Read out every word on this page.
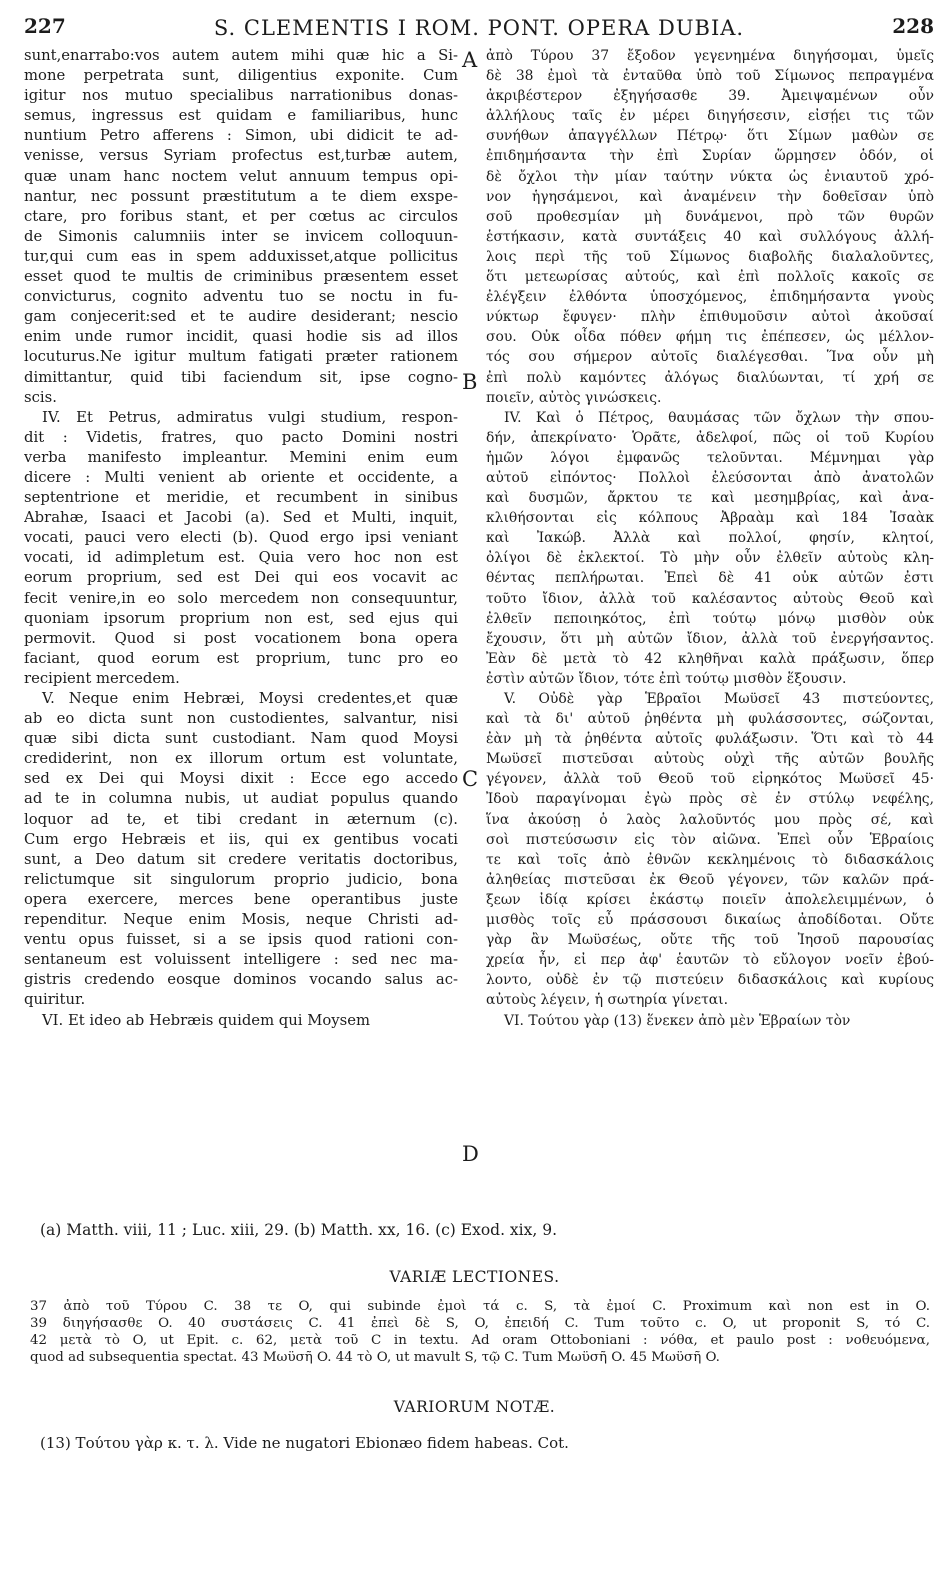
227	S. CLEMENTIS I ROM. PONT. OPERA DUBIA.	228
sunt,enarrabo:vos autem autem mihi quæ hic a Si-
mone perpetrata sunt, diligentius exponite. Cum
igitur nos mutuo specialibus narrationibus donas-
semus, ingressus est quidam e familiaribus, hunc
nuntium Petro afferens : Simon, ubi didicit te ad-
venisse, versus Syriam profectus est,turbæ autem,
quæ unam hanc noctem velut annuum tempus opi-
nantur, nec possunt præstitutum a te diem exspe-
ctare, pro foribus stant, et per cœtus ac circulos
de Simonis calumniis inter se invicem colloquun-
tur,qui cum eas in spem adduxisset,atque pollicitus
esset quod te multis de criminibus præsentem esset
convicturus, cognito adventu tuo se noctu in fu-
gam conjecerit:sed et te audire desiderant; nescio
enim unde rumor incidit, quasi hodie sis ad illos
locuturus.Ne igitur multum fatigati præter rationem
dimittantur, quid tibi faciendum sit, ipse cogno-
scis.
IV. Et Petrus, admiratus vulgi studium, respon-
dit : Videtis, fratres, quo pacto Domini nostri
verba manifesto impleantur. Memini enim eum
dicere : Multi venient ab oriente et occidente, a
septentrione et meridie, et recumbent in sinibus
Abrahæ, Isaaci et Jacobi (a). Sed et Multi, inquit,
vocati, pauci vero electi (b). Quod ergo ipsi veniant
vocati, id adimpletum est. Quia vero hoc non est
eorum proprium, sed est Dei qui eos vocavit ac
fecit venire,in eo solo mercedem non consequuntur,
quoniam ipsorum proprium non est, sed ejus qui
permovit. Quod si post vocationem bona opera
faciant, quod eorum est proprium, tunc pro eo
recipient mercedem.
V. Neque enim Hebræi, Moysi credentes,et quæ
ab eo dicta sunt non custodientes, salvantur, nisi
quæ sibi dicta sunt custodiant. Nam quod Moysi
crediderint, non ex illorum ortum est voluntate,
sed ex Dei qui Moysi dixit : Ecce ego accedo
ad te in columna nubis, ut audiat populus quando
loquor ad te, et tibi credant in æternum (c).
Cum ergo Hebræis et iis, qui ex gentibus vocati
sunt, a Deo datum sit credere veritatis doctoribus,
relictumque sit singulorum proprio judicio, bona
opera exercere, merces bene operantibus juste
rependitur. Neque enim Mosis, neque Christi ad-
ventu opus fuisset, si a se ipsis quod rationi con-
sentaneum est voluissent intelligere : sed nec ma-
gistris credendo eosque dominos vocando salus ac-
quiritur.
VI. Et ideo ab Hebræis quidem qui Moysem
A
B
C
D
ἀπὸ Τύρου 37 ἔξοδον γεγενημένα διηγήσομαι, ὑμεῖς
δὲ 38 ἐμοὶ τὰ ἐνταῦθα ὑπὸ τοῦ Σίμωνος πεπραγμένα
ἀκριβέστερον ἐξηγήσασθε 39. Ἀμειψαμένων οὖν
ἀλλήλους ταῖς ἐν μέρει διηγήσεσιν, εἰσῄει τις τῶν
συνήθων ἀπαγγέλλων Πέτρῳ· ὅτι Σίμων μαθὼν σε
ἐπιδημήσαντα τὴν ἐπὶ Συρίαν ὥρμησεν ὁδόν, οἱ
δὲ ὄχλοι τὴν μίαν ταύτην νύκτα ὡς ἐνιαυτοῦ χρό-
νον ἡγησάμενοι, καὶ ἀναμένειν τὴν δοθεῖσαν ὑπὸ
σοῦ προθεσμίαν μὴ δυνάμενοι, πρὸ τῶν θυρῶν
ἑστήκασιν, κατὰ συντάξεις 40 καὶ συλλόγους ἀλλή-
λοις περὶ τῆς τοῦ Σίμωνος διαβολῆς διαλαλοῦντες,
ὅτι μετεωρίσας αὐτούς, καὶ ἐπὶ πολλοῖς κακοῖς σε
ἐλέγξειν ἐλθόντα ὑποσχόμενος, ἐπιδημήσαντα γνοὺς
νύκτωρ ἔφυγεν· πλὴν ἐπιθυμοῦσιν αὐτοὶ ἀκοῦσαί
σου. Οὐκ οἶδα πόθεν φήμη τις ἐπέπεσεν, ὡς μέλλον-
τός σου σήμερον αὐτοῖς διαλέγεσθαι. Ἵνα οὖν μὴ
ἐπὶ πολὺ καμόντες ἀλόγως διαλύωνται, τί χρή σε
ποιεῖν, αὐτὸς γινώσκεις.
IV. Καὶ ὁ Πέτρος, θαυμάσας τῶν ὄχλων τὴν σπου-
δήν, ἀπεκρίνατο· Ὁρᾶτε, ἀδελφοί, πῶς οἱ τοῦ Κυρίου
ἡμῶν λόγοι ἐμφανῶς τελοῦνται. Μέμνημαι γὰρ
αὐτοῦ εἰπόντος· Πολλοὶ ἐλεύσονται ἀπὸ ἀνατολῶν
καὶ δυσμῶν, ἄρκτου τε καὶ μεσημβρίας, καὶ ἀνα-
κλιθήσονται εἰς κόλπους Ἀβραὰμ καὶ 184 Ἰσαὰκ
καὶ Ἰακώβ. Ἀλλὰ καὶ πολλοί, φησίν, κλητοί,
ὀλίγοι δὲ ἐκλεκτοί. Τὸ μὴν οὖν ἐλθεῖν αὐτοὺς κλη-
θέντας πεπλήρωται. Ἐπεὶ δὲ 41 οὐκ αὐτῶν ἐστι
τοῦτο ἴδιον, ἀλλὰ τοῦ καλέσαντος αὐτοὺς Θεοῦ καὶ
ἐλθεῖν πεποιηκότος, ἐπὶ τούτῳ μόνῳ μισθὸν οὐκ
ἔχουσιν, ὅτι μὴ αὐτῶν ἴδιον, ἀλλὰ τοῦ ἐνεργήσαντος.
Ἐὰν δὲ μετὰ τὸ 42 κληθῆναι καλὰ πράξωσιν, ὅπερ
ἐστὶν αὐτῶν ἴδιον, τότε ἐπὶ τούτῳ μισθὸν ἕξουσιν.
V. Οὐδὲ γὰρ Ἑβραῖοι Μωϋσεῖ 43 πιστεύοντες,
καὶ τὰ δι' αὐτοῦ ῥηθέντα μὴ φυλάσσοντες, σώζονται,
ἐὰν μὴ τὰ ῥηθέντα αὐτοῖς φυλάξωσιν. Ὅτι καὶ τὸ 44
Μωϋσεῖ πιστεῦσαι αὐτοὺς οὐχὶ τῆς αὐτῶν βουλῆς
γέγονεν, ἀλλὰ τοῦ Θεοῦ τοῦ εἰρηκότος Μωϋσεῖ 45·
Ἰδοὺ παραγίνομαι ἐγὼ πρὸς σὲ ἐν στύλῳ νεφέλης,
ἵνα ἀκούσῃ ὁ λαὸς λαλοῦντός μου πρὸς σέ, καὶ
σοὶ πιστεύσωσιν εἰς τὸν αἰῶνα. Ἐπεὶ οὖν Ἑβραίοις
τε καὶ τοῖς ἀπὸ ἐθνῶν κεκλημένοις τὸ διδασκάλοις
ἀληθείας πιστεῦσαι ἐκ Θεοῦ γέγονεν, τῶν καλῶν πρά-
ξεων ἰδίᾳ κρίσει ἑκάστῳ ποιεῖν ἀπολελειμμένων, ὁ
μισθὸς τοῖς εὖ πράσσουσι δικαίως ἀποδίδοται. Οὔτε
γὰρ ἂν Μωϋσέως, οὔτε τῆς τοῦ Ἰησοῦ παρουσίας
χρεία ἦν, εἰ περ ἀφ' ἑαυτῶν τὸ εὔλογον νοεῖν ἐβού-
λοντο, οὐδὲ ἐν τῷ πιστεύειν διδασκάλοις καὶ κυρίους
αὐτοὺς λέγειν, ἡ σωτηρία γίνεται.
VI. Τούτου γὰρ (13) ἕνεκεν ἀπὸ μὲν Ἑβραίων τὸν
(a) Matth. viii, 11 ; Luc. xiii, 29. (b) Matth. xx, 16. (c) Exod. xix, 9.
VARIÆ LECTIONES.
37 ἀπὸ τοῦ Τύρου C. 38 τε O, qui subinde ἐμοὶ τά c. S, τὰ ἐμοί C. Proximum καὶ non est in O.
39 διηγήσασθε O. 40 συστάσεις C. 41 ἐπεὶ δὲ S, O, ἐπειδή C. Tum τοῦτο c. O, ut proponit S, τό C.
42 μετὰ τὸ O, ut Epit. c. 62, μετὰ τοῦ C in textu. Ad oram Ottoboniani : νόθα, et paulo post : νοθευόμενα,
quod ad subsequentia spectat. 43 Μωϋσῆ O. 44 τὸ O, ut mavult S, τῷ C. Tum Μωϋσῆ O. 45 Μωϋσῆ O.
VARIORUM NOTÆ.
(13) Τούτου γὰρ κ. τ. λ. Vide ne nugatori Ebionæo fidem habeas. Cot.
